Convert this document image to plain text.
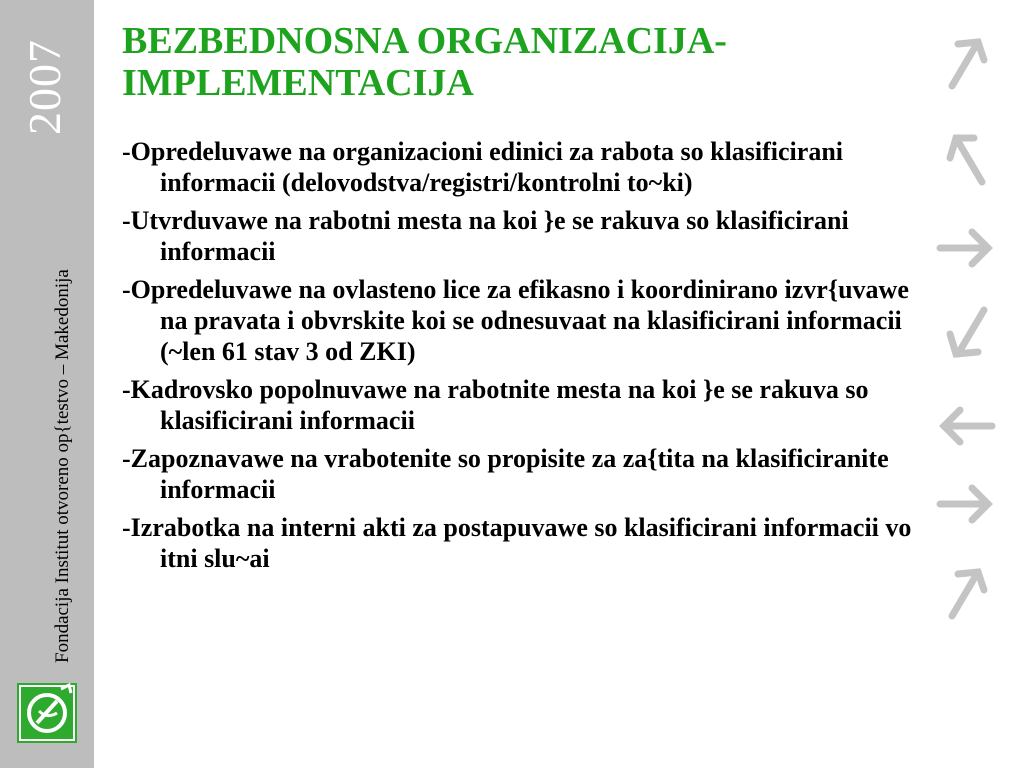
2007
Fondacija Institut otvoreno op{testvo – Makedonija
BEZBEDNOSNA ORGANIZACIJA-IMPLEMENTACIJA
-Opredeluvawe na organizacioni edinici za rabota so klasificirani informacii (delovodstva/registri/kontrolni to~ki)
-Utvrduvawe na rabotni mesta na koi }e se rakuva so klasificirani informacii
-Opredeluvawe na ovlasteno lice za efikasno i koordinirano izvr{uvawe na pravata i obvrskite koi se odnesuvaat na klasificirani informacii (~len 61 stav 3 od ZKI)
-Kadrovsko popolnuvawe na rabotnite mesta na koi }e se rakuva so klasificirani informacii
-Zapoznavawe na vrabotenite so propisite za za{tita na klasificiranite informacii
-Izrabotka na interni akti za postapuvawe so klasificirani informacii vo itni slu~ai
